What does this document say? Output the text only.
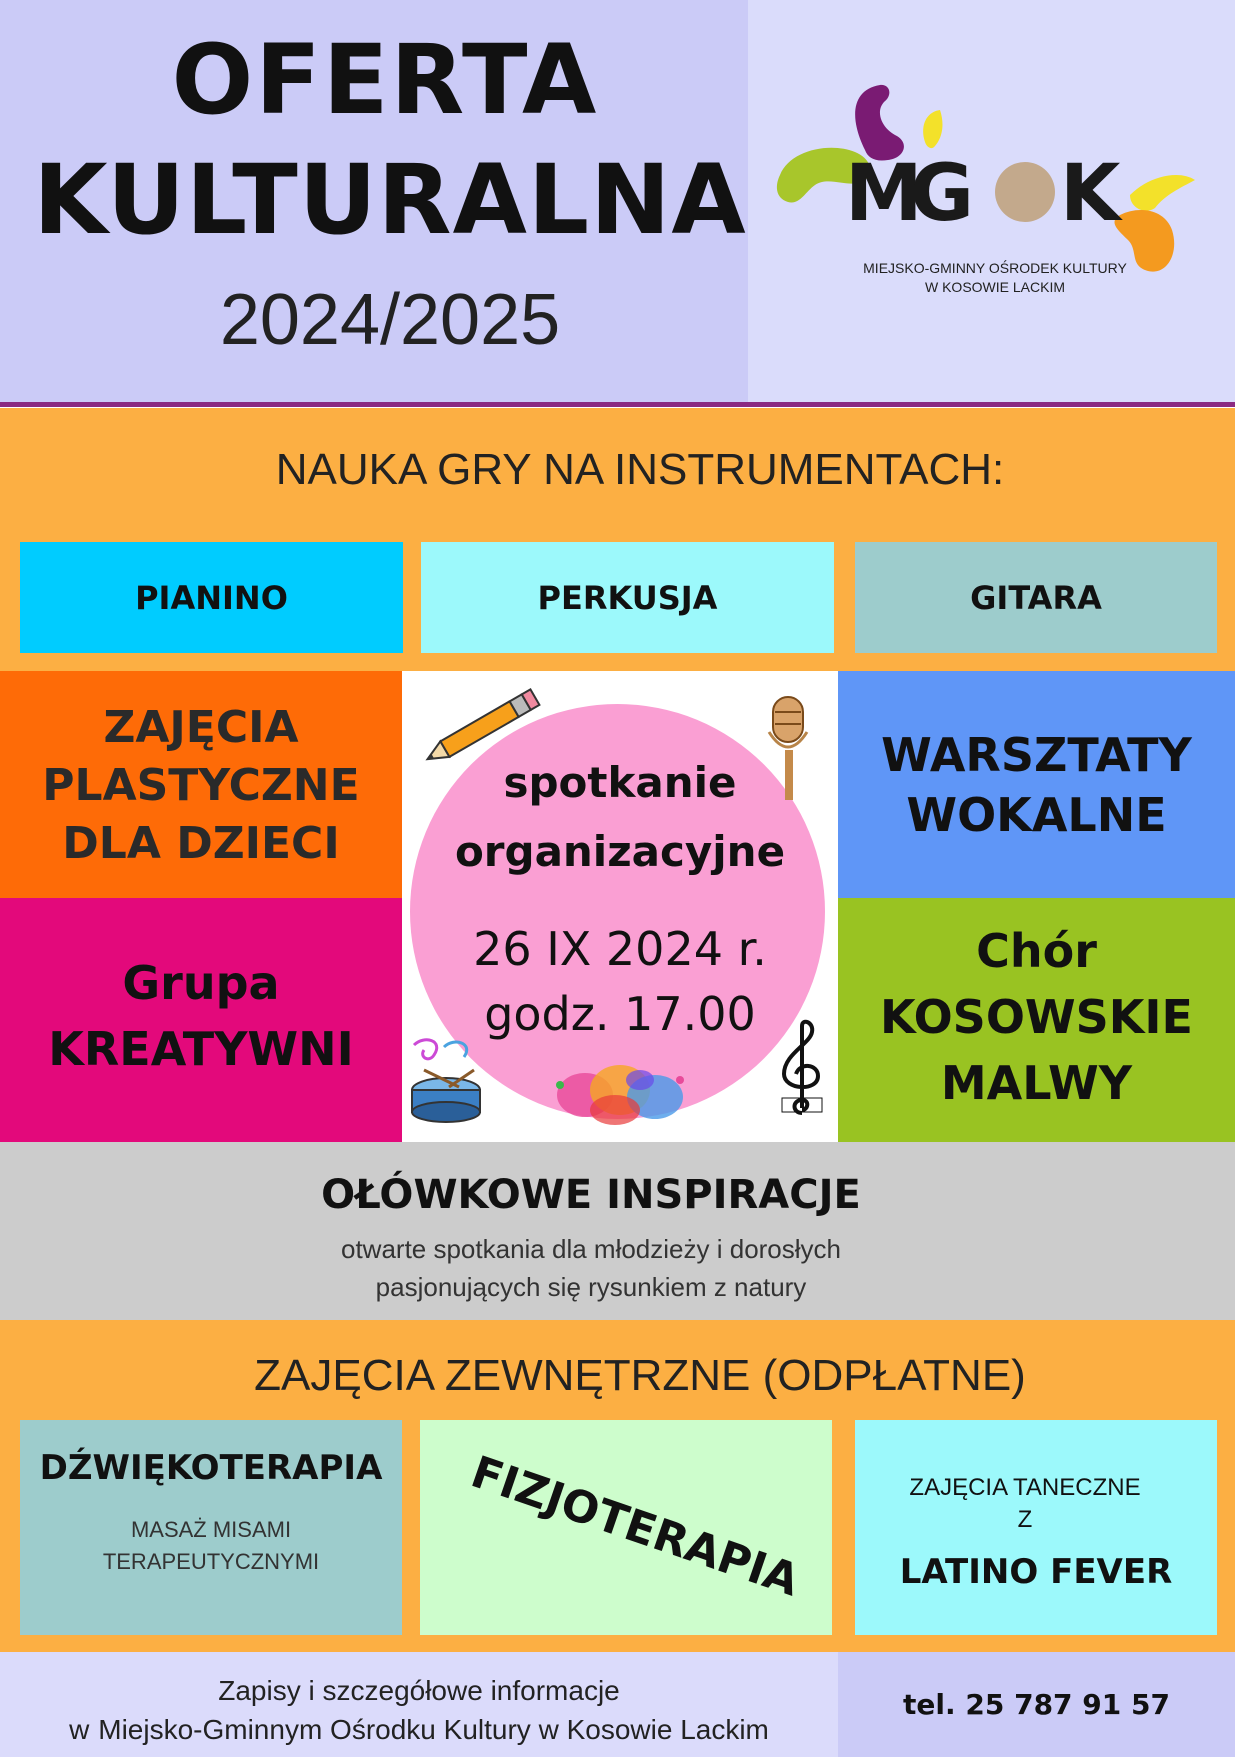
OFERTA
KULTURALNA
2024/2025
M
G K
MIEJSKO-GMINNY OŚRODEK KULTURY
W KOSOWIE LACKIM
NAUKA GRY NA INSTRUMENTACH:
PIANINO	PERKUSJA	GITARA
ZAJĘCIA
PLASTYCZNE
DLA DZIECI
Grupa
KREATYWNI
spotkanie
organizacyjne
26 IX 2024 r.
godz. 17.00
WARSZTATY
WOKALNE
Chór
KOSOWSKIE
MALWY
OŁÓWKOWE INSPIRACJE
otwarte spotkania dla młodzieży i dorosłych
pasjonujących się rysunkiem z natury
ZAJĘCIA ZEWNĘTRZNE (ODPŁATNE)
DŹWIĘKOTERAPIA
MASAŻ MISAMI
TERAPEUTYCZNYMI	FIZJOTERAPIA	ZAJĘCIA TANECZNE
Z
LATINO FEVER
Zapisy i szczegółowe informacje
w Miejsko-Gminnym Ośrodku Kultury w Kosowie Lackim
tel. 25 787 91 57
